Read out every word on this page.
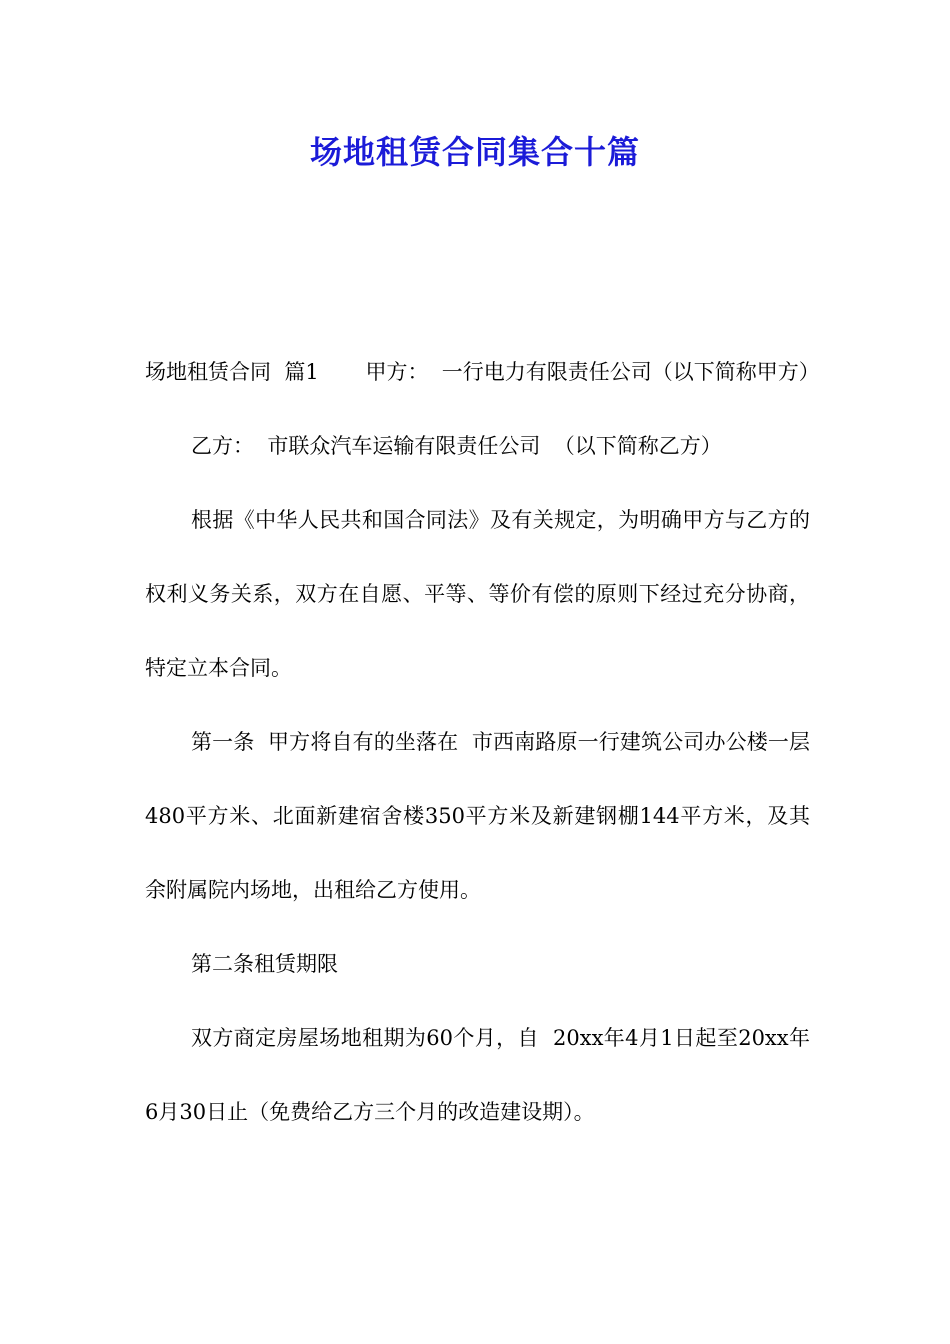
场地租赁合同集合十篇

场地租赁合同  篇1       甲方：  一行电力有限责任公司（以下简称甲方）

乙方：  市联众汽车运输有限责任公司  （以下简称乙方）

根据《中华人民共和国合同法》及有关规定，为明确甲方与乙方的权利义务关系，双方在自愿、平等、等价有偿的原则下经过充分协商，特定立本合同。

第一条  甲方将自有的坐落在  市西南路原一行建筑公司办公楼一层480平方米、北面新建宿舍楼350平方米及新建钢棚144平方米，及其余附属院内场地，出租给乙方使用。

第二条租赁期限

双方商定房屋场地租期为60个月，自  20xx年4月1日起至20xx年  6月30日止（免费给乙方三个月的改造建设期）。
